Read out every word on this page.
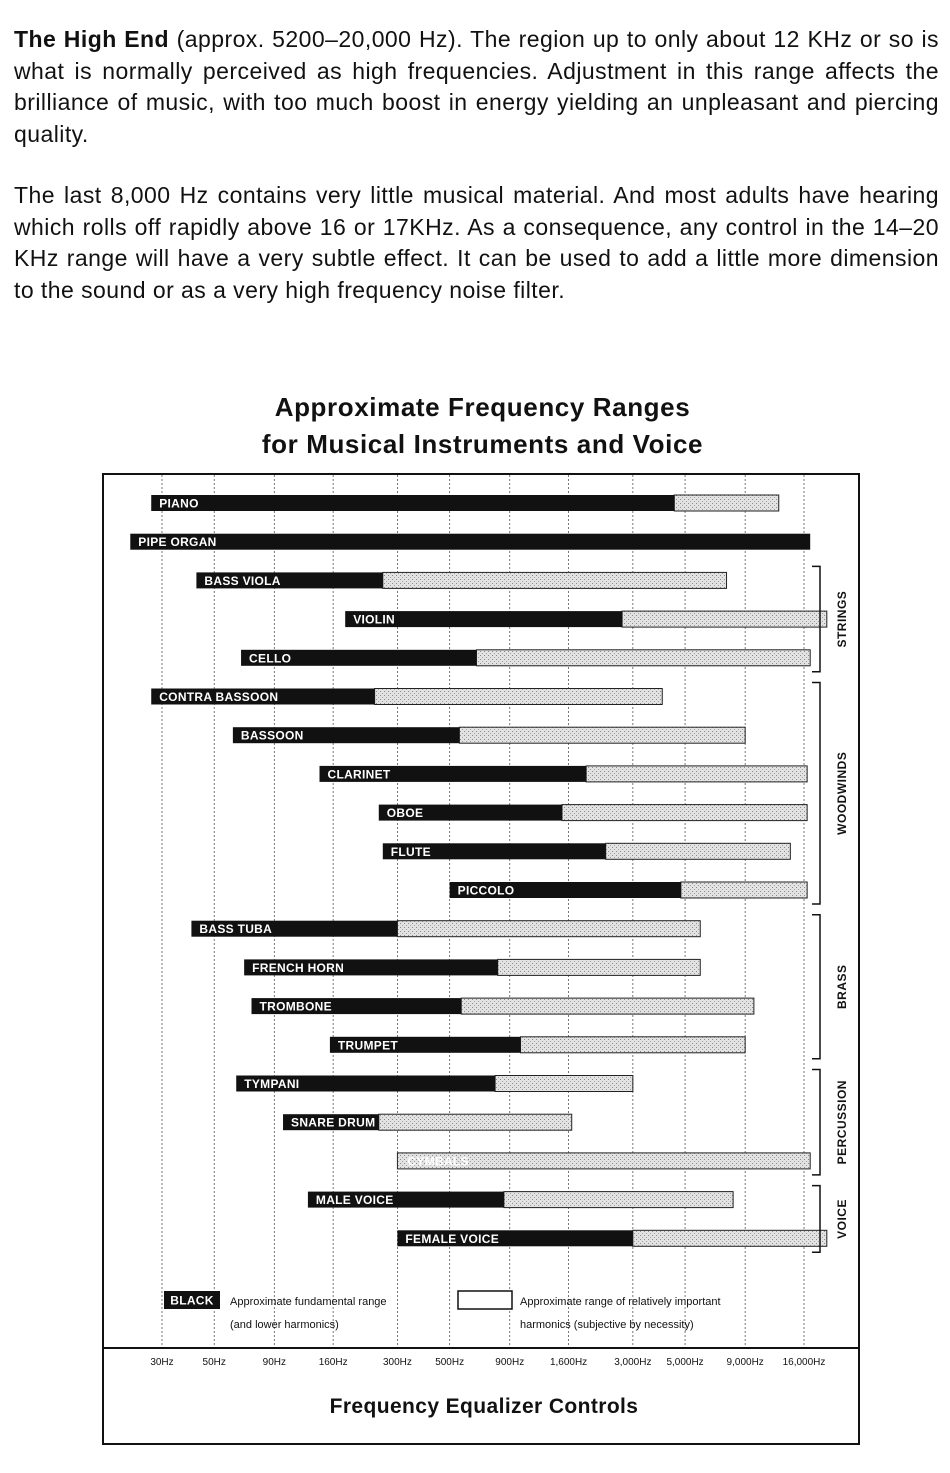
The High End (approx. 5200–20,000 Hz). The region up to only about 12 KHz or so is what is normally perceived as high frequencies. Adjustment in this range affects the brilliance of music, with too much boost in energy yielding an unpleasant and piercing quality.

The last 8,000 Hz contains very little musical material. And most adults have hearing which rolls off rapidly above 16 or 17KHz. As a consequence, any control in the 14–20 KHz range will have a very subtle effect. It can be used to add a little more dimension to the sound or as a very high frequency noise filter.

Approximate Frequency Ranges
for Musical Instruments and Voice
PIANO
PIPE ORGAN
BASS VIOLA
VIOLIN
CELLO
CONTRA BASSOON
BASSOON
CLARINET
OBOE
FLUTE
PICCOLO
BASS TUBA
FRENCH HORN
TROMBONE
TRUMPET
TYMPANI
SNARE DRUM
CYMBALS
MALE VOICE
FEMALE VOICE
STRINGS
WOODWINDS
BRASS
PERCUSSION
VOICE
BLACK Approximate fundamental range
(and lower harmonics)
GREY Approximate range of relatively important
harmonics (subjective by necessity)
30Hz	50Hz	90Hz	160Hz	300Hz 500Hz	900Hz	1,600Hz	3,000Hz 5,000Hz 9,000Hz 16,000Hz
Frequency Equalizer Controls
